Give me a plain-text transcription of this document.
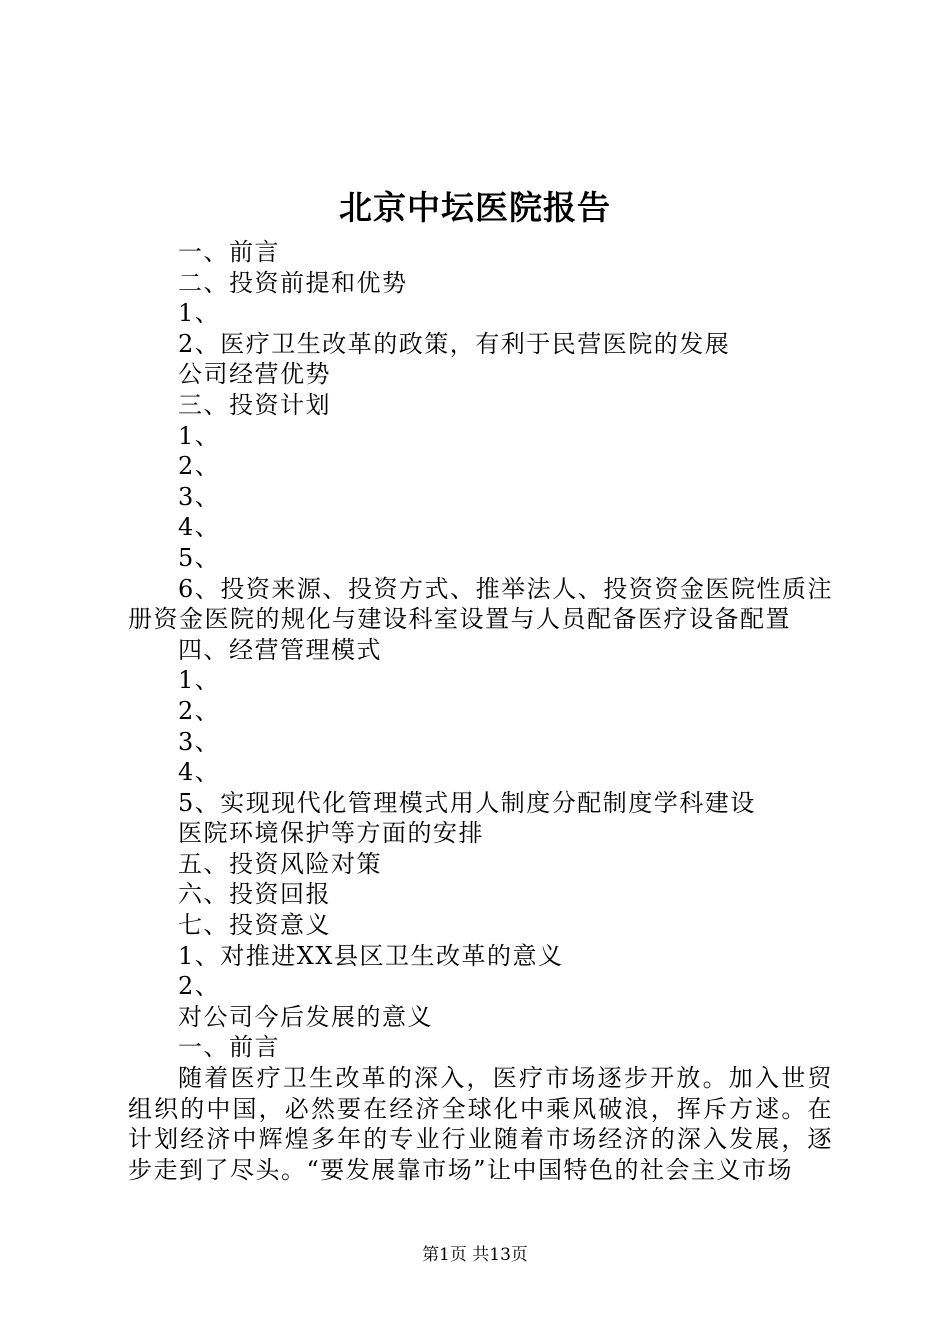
北京中坛医院报告
一、前言
二、投资前提和优势
1、
2、医疗卫生改革的政策，有利于民营医院的发展
公司经营优势
三、投资计划
1、
2、
3、
4、
5、
6、投资来源、投资方式、推举法人、投资资金医院性质注册资金医院的规化与建设科室设置与人员配备医疗设备配置
四、经营管理模式
1、
2、
3、
4、
5、实现现代化管理模式用人制度分配制度学科建设
医院环境保护等方面的安排
五、投资风险对策
六、投资回报
七、投资意义
1、对推进XX县区卫生改革的意义
2、
对公司今后发展的意义
一、前言
随着医疗卫生改革的深入，医疗市场逐步开放。加入世贸组织的中国，必然要在经济全球化中乘风破浪，挥斥方逑。在计划经济中辉煌多年的专业行业随着市场经济的深入发展，逐步走到了尽头。“要发展靠市场”让中国特色的社会主义市场
第1页 共13页
